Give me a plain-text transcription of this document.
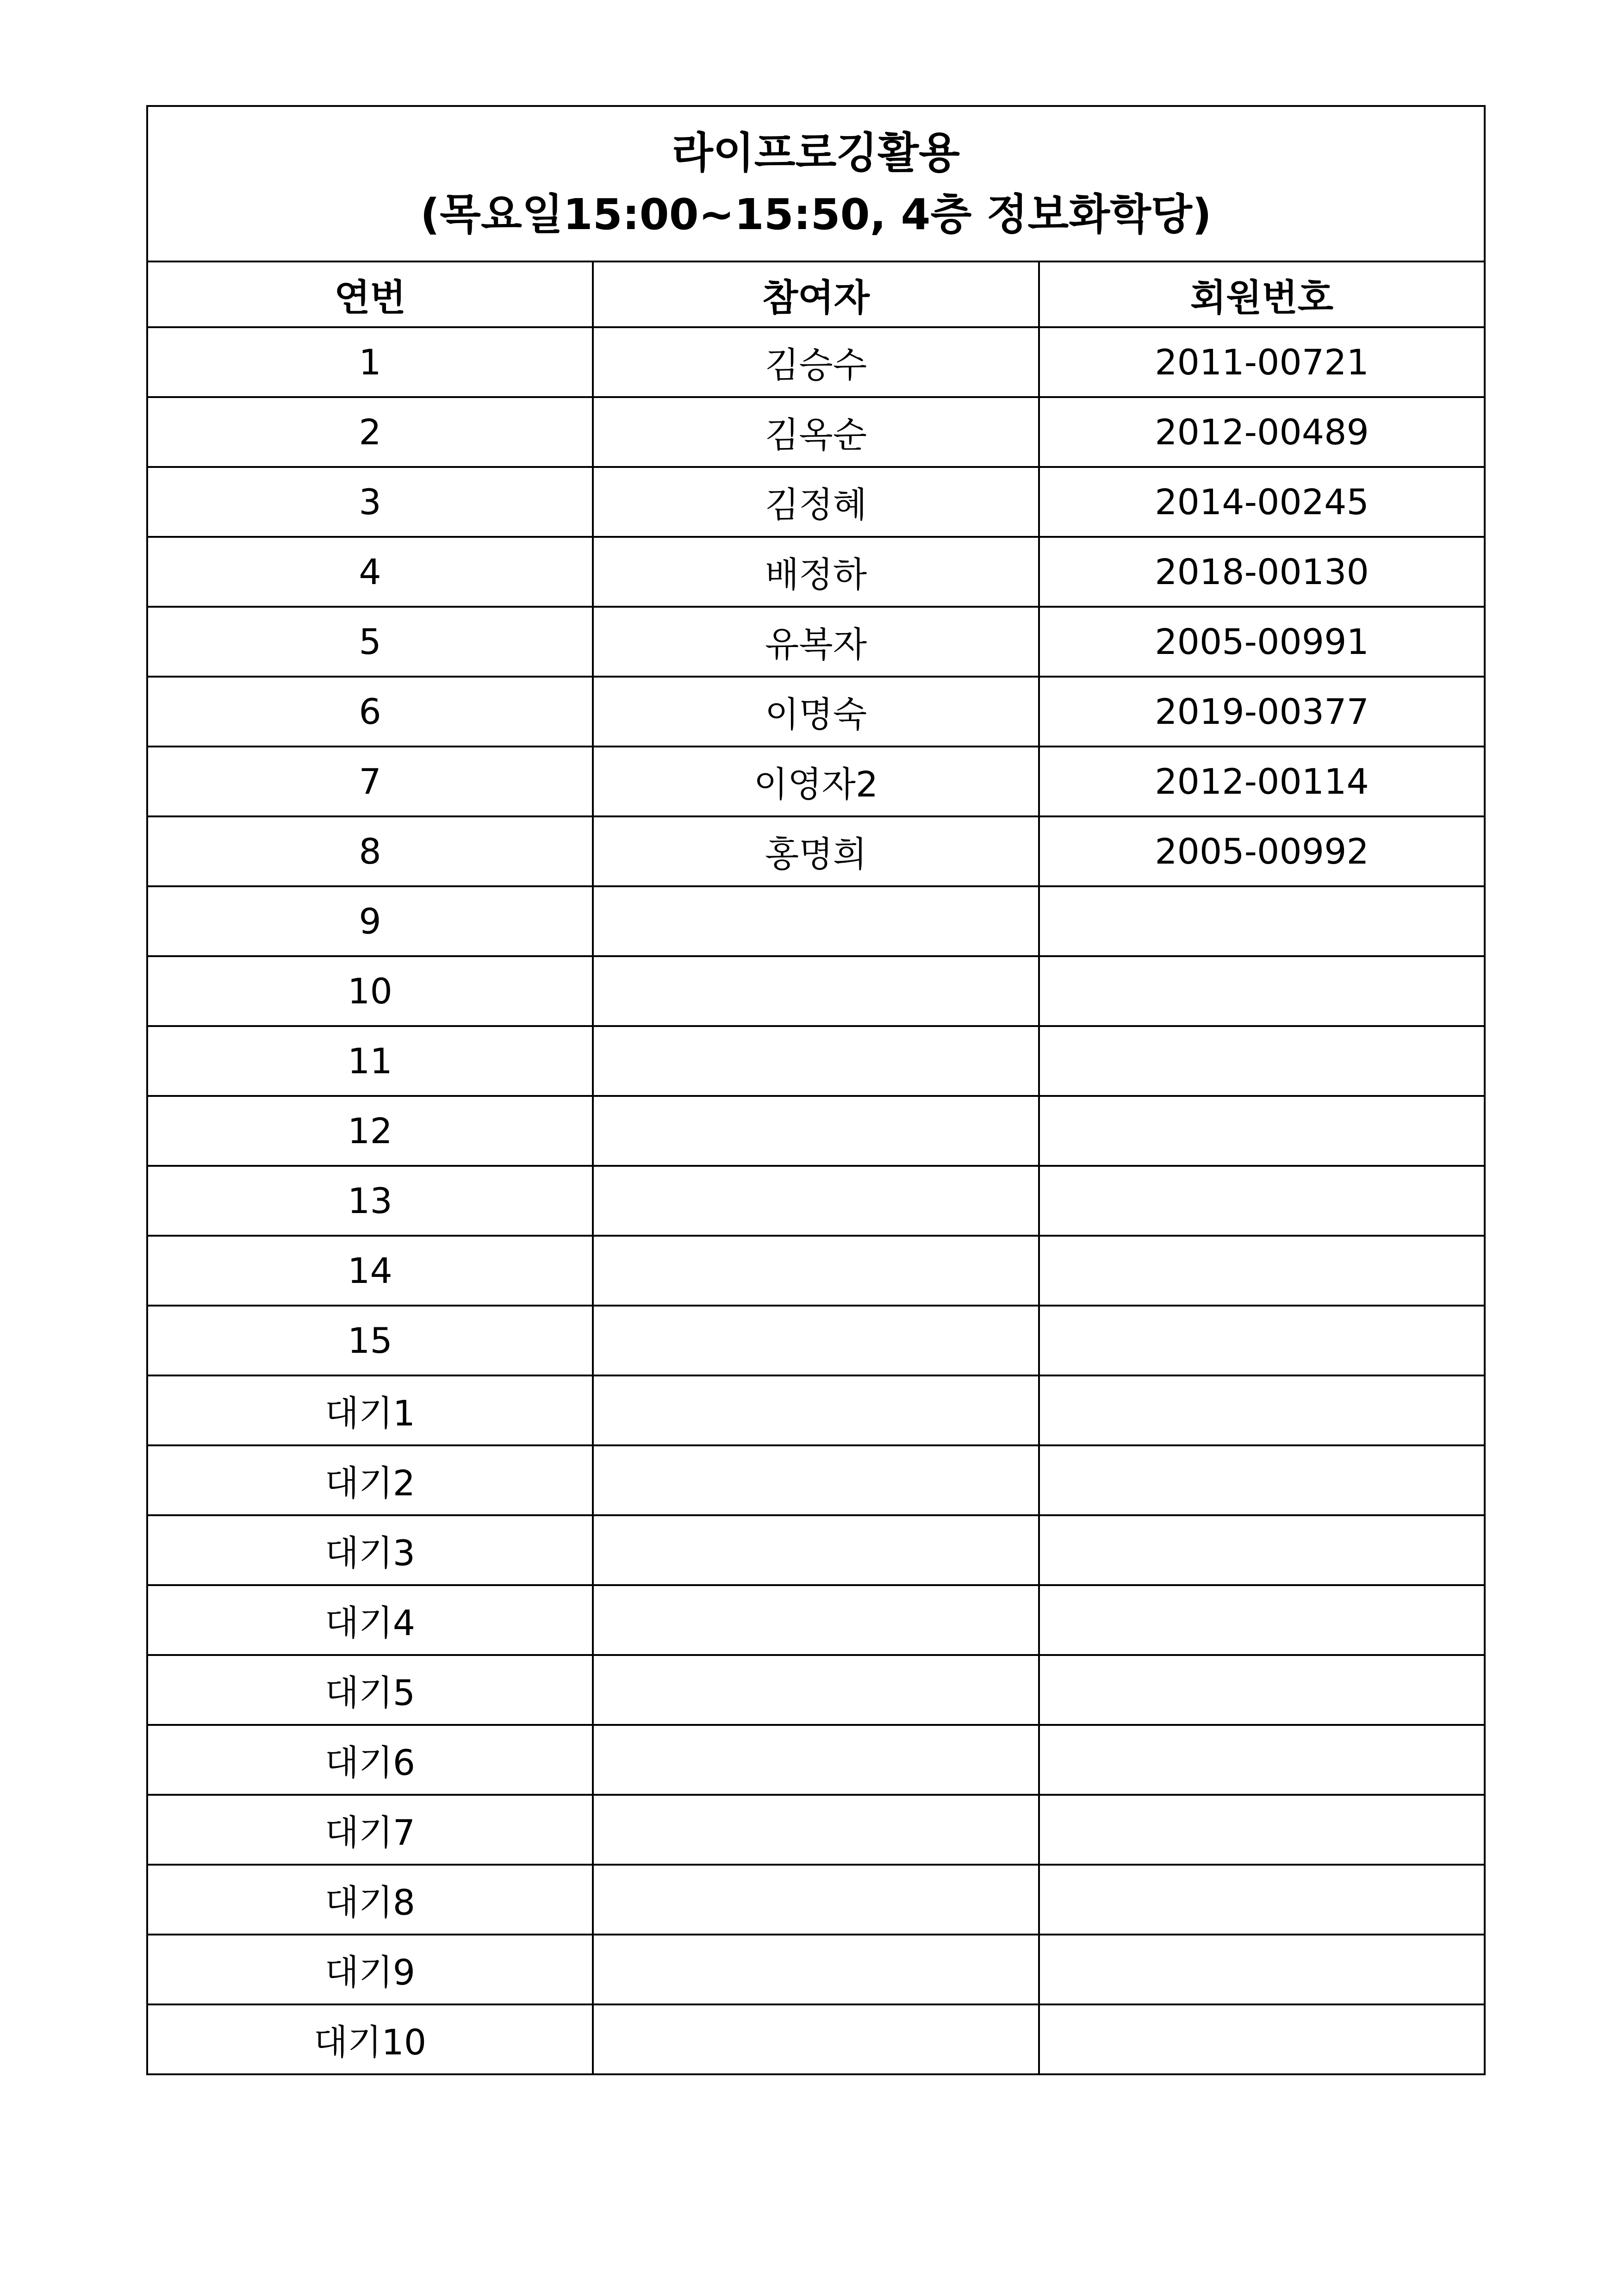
라이프로깅활용
(목요일15:00~15:50, 4층 정보화학당)		

연번	참여자	회원번호
1	김승수	2011-00721
2	김옥순	2012-00489
3	김정혜	2014-00245
4	배정하	2018-00130
5	유복자	2005-00991
6	이명숙	2019-00377
7	이영자2	2012-00114
8	홍명희	2005-00992
9		
10		
11		
12		
13		
14		
15		
대기1		
대기2		
대기3		
대기4		
대기5		
대기6		
대기7		
대기8		
대기9		
대기10		
